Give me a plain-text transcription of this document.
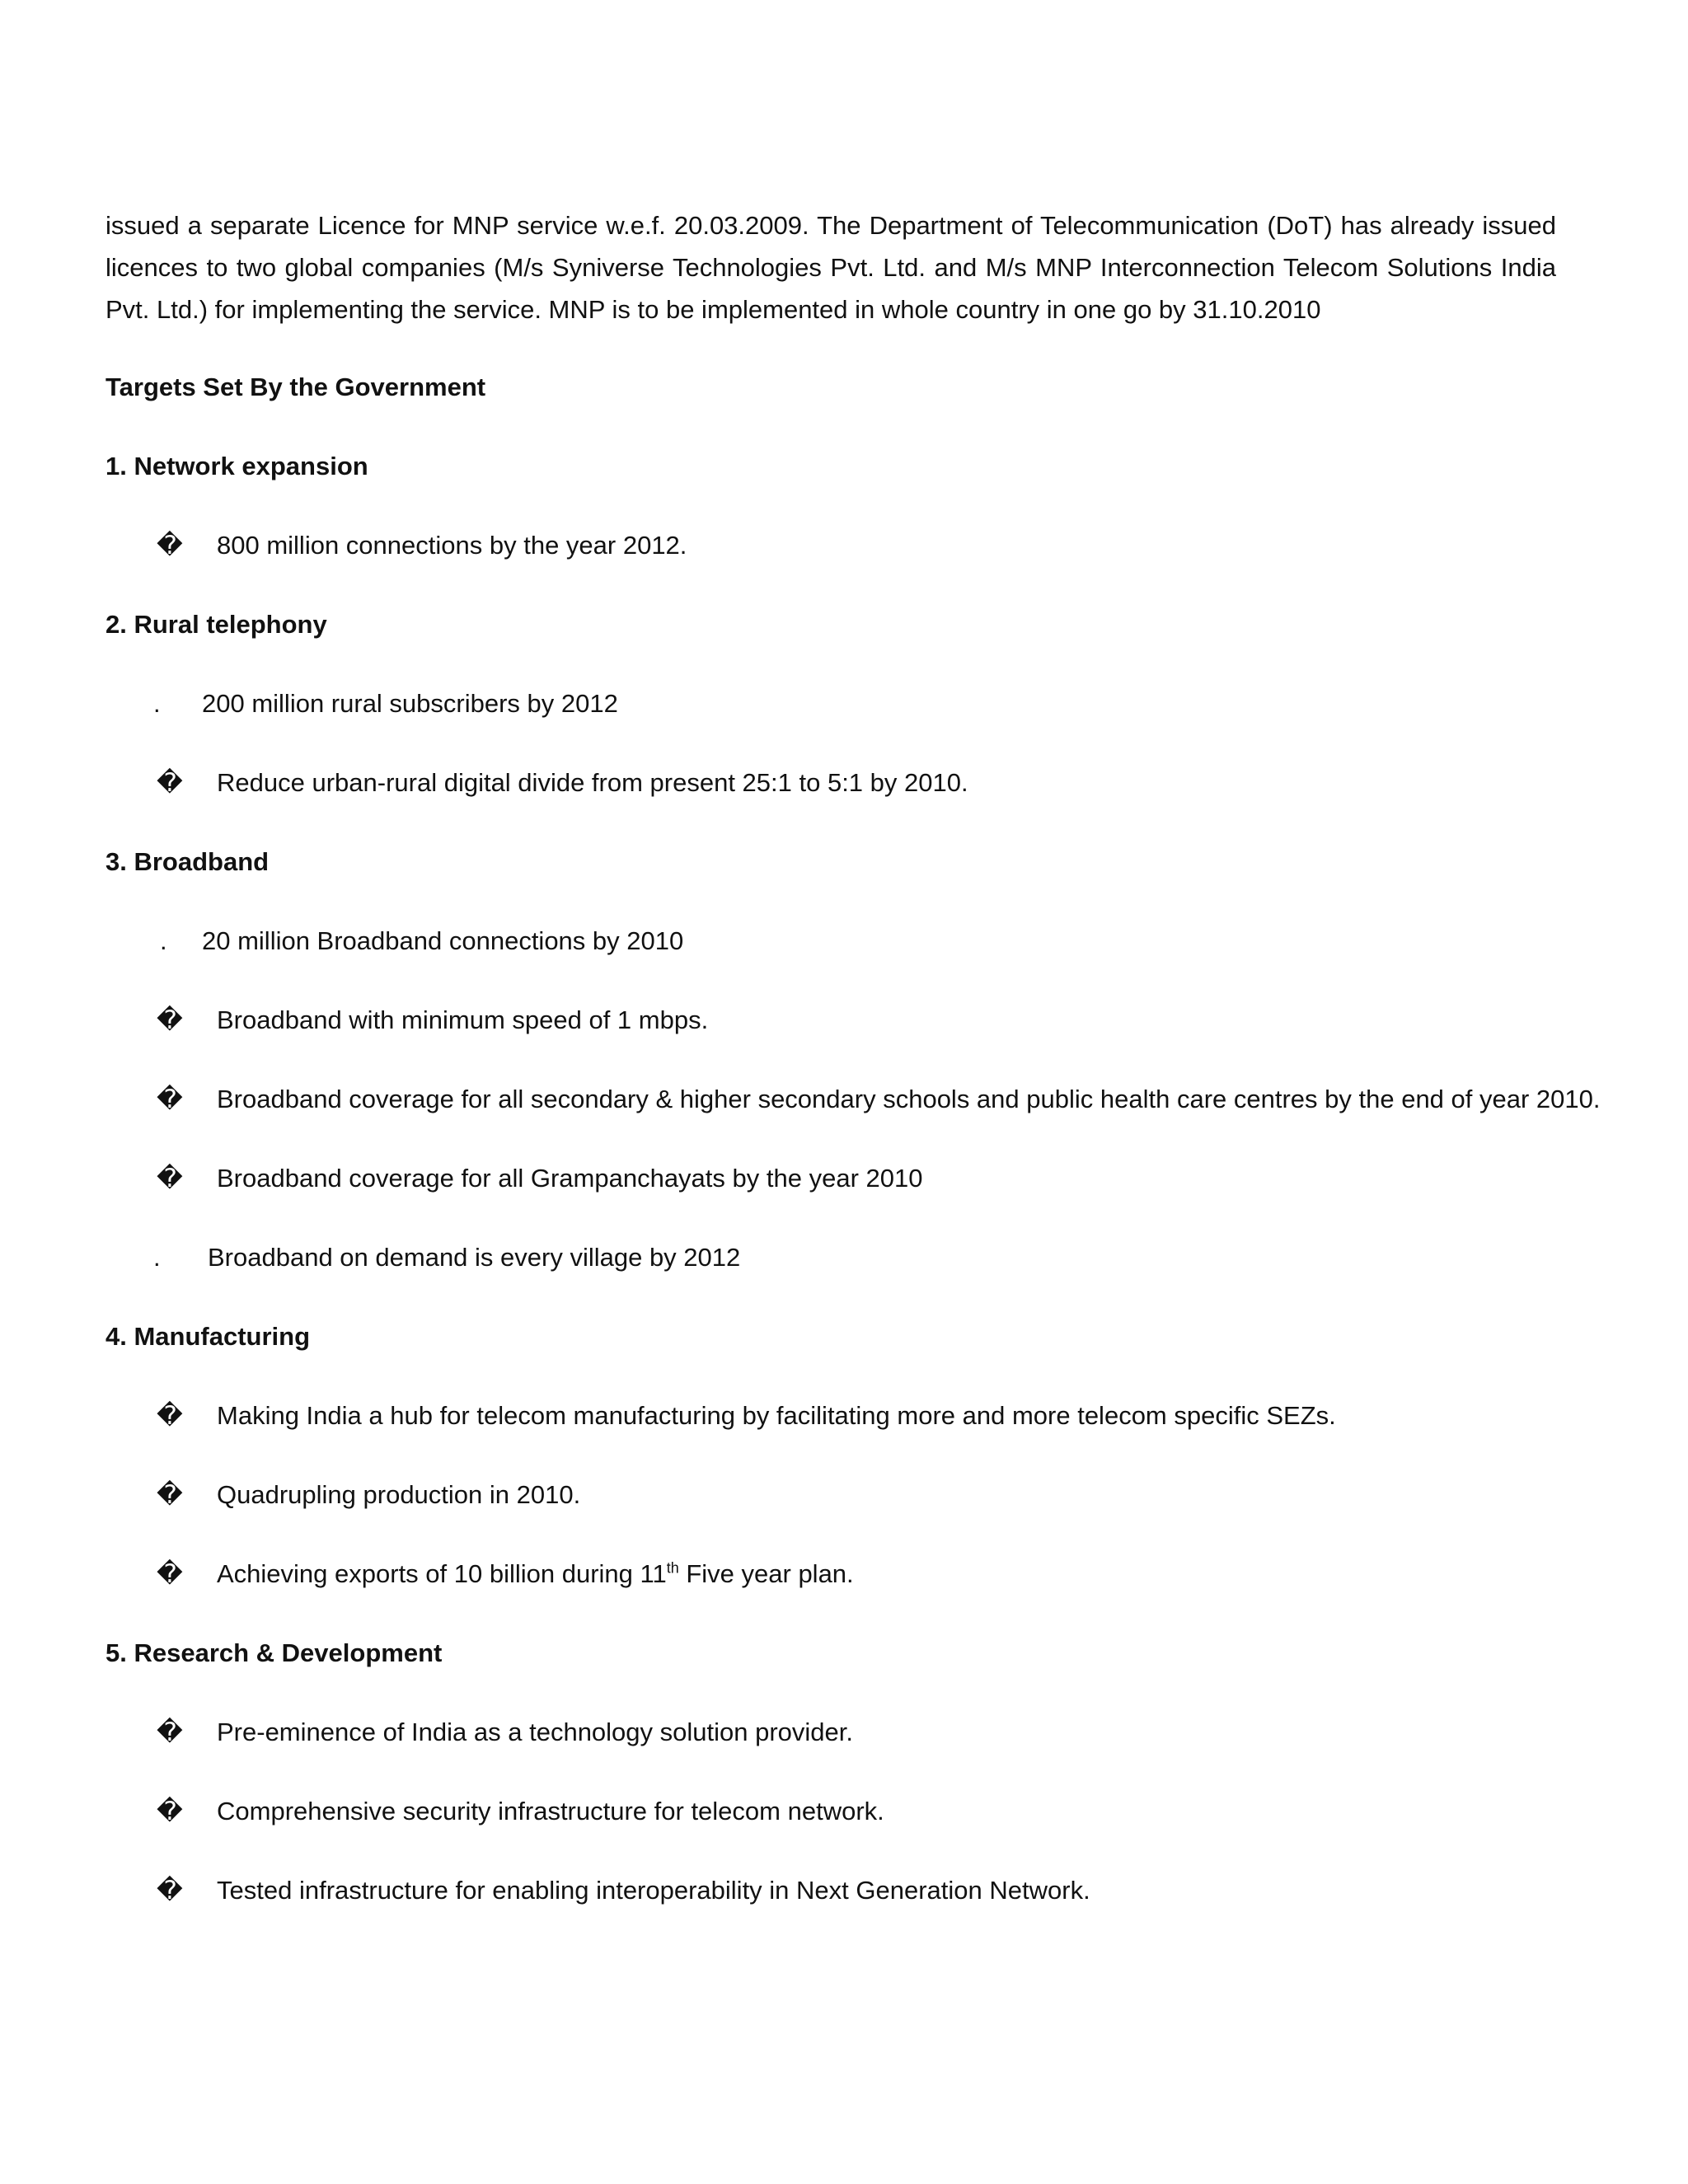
issued a separate Licence for MNP service w.e.f. 20.03.2009. The Department of Telecommunication (DoT) has already issued licences to two global companies (M/s Syniverse Technologies Pvt. Ltd. and M/s MNP Interconnection Telecom Solutions India Pvt. Ltd.) for implementing the service. MNP is to be implemented in whole country in one go by 31.10.2010

Targets Set By the Government
1. Network expansion
� 800 million connections by the year 2012.
2. Rural telephony
. 200 million rural subscribers by 2012
� Reduce urban-rural digital divide from present 25:1 to 5:1 by 2010.
3. Broadband
. 20 million Broadband connections by 2010
� Broadband with minimum speed of 1 mbps.
� Broadband coverage for all secondary & higher secondary schools and public health care centres by the end of year 2010.
� Broadband coverage for all Grampanchayats by the year 2010
. Broadband on demand is every village by 2012
4. Manufacturing
� Making India a hub for telecom manufacturing by facilitating more and more telecom specific SEZs.
� Quadrupling production in 2010.
� Achieving exports of 10 billion during 11th Five year plan.
5. Research & Development
� Pre-eminence of India as a technology solution provider.
� Comprehensive security infrastructure for telecom network.
� Tested infrastructure for enabling interoperability in Next Generation Network.
